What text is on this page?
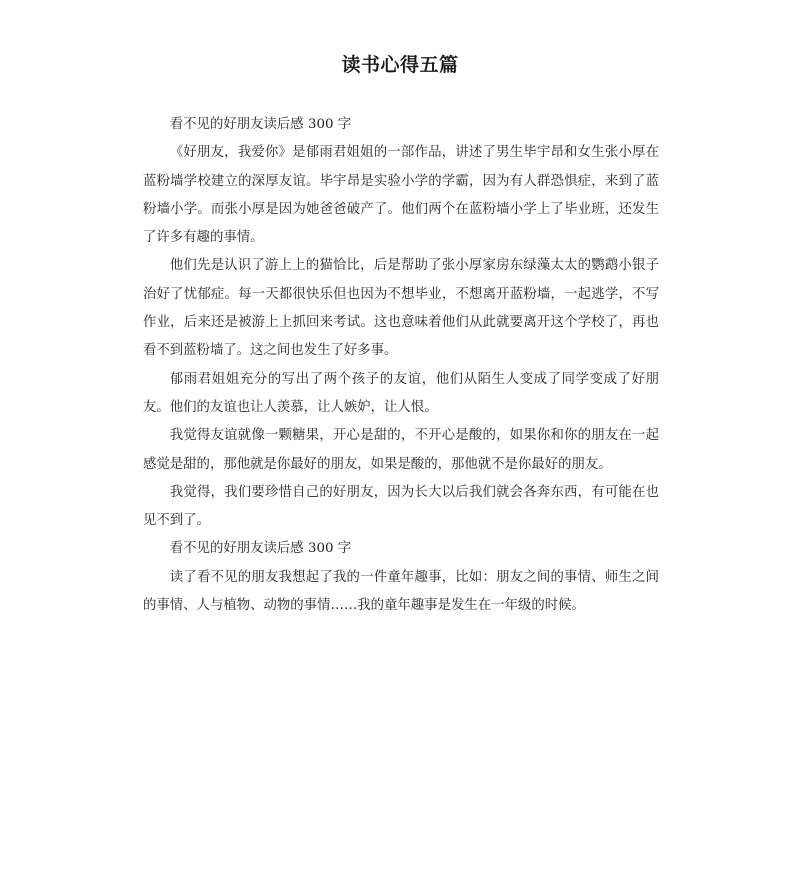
读书心得五篇

看不见的好朋友读后感 300 字

《好朋友，我爱你》是郁雨君姐姐的一部作品，讲述了男生毕宇昂和女生张小厚在蓝粉墙学校建立的深厚友谊。毕宇昂是实验小学的学霸，因为有人群恐惧症，来到了蓝粉墙小学。而张小厚是因为她爸爸破产了。他们两个在蓝粉墙小学上了毕业班，还发生了许多有趣的事情。

他们先是认识了游上上的猫恰比，后是帮助了张小厚家房东绿藻太太的鹦鹉小银子治好了忧郁症。每一天都很快乐但也因为不想毕业，不想离开蓝粉墙，一起逃学，不写作业，后来还是被游上上抓回来考试。这也意味着他们从此就要离开这个学校了，再也看不到蓝粉墙了。这之间也发生了好多事。

郁雨君姐姐充分的写出了两个孩子的友谊，他们从陌生人变成了同学变成了好朋友。他们的友谊也让人羡慕，让人嫉妒，让人恨。

我觉得友谊就像一颗糖果，开心是甜的，不开心是酸的，如果你和你的朋友在一起感觉是甜的，那他就是你最好的朋友，如果是酸的，那他就不是你最好的朋友。

我觉得，我们要珍惜自己的好朋友，因为长大以后我们就会各奔东西，有可能在也见不到了。

看不见的好朋友读后感 300 字

读了看不见的朋友我想起了我的一件童年趣事，比如：朋友之间的事情、师生之间的事情、人与植物、动物的事情……我的童年趣事是发生在一年级的时候。
